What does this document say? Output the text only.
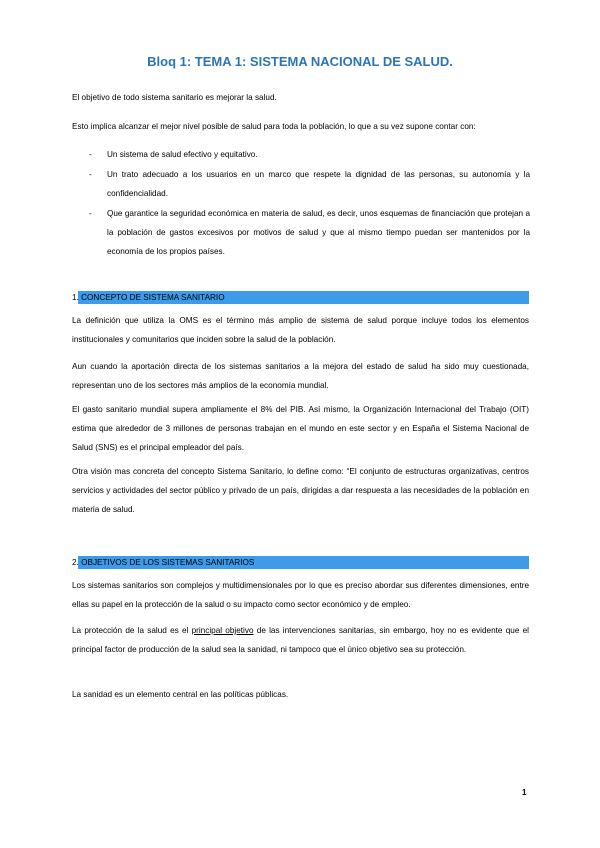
Bloq 1: TEMA 1: SISTEMA NACIONAL DE SALUD.

El objetivo de todo sistema sanitario es mejorar la salud.

Esto implica alcanzar el mejor nivel posible de salud para toda la población, lo que a su vez supone contar con:

- Un sistema de salud efectivo y equitativo.
- Un trato adecuado a los usuarios en un marco que respete la dignidad de las personas, su autonomía y la confidencialidad.
- Que garantice la seguridad económica en materia de salud, es decir, unos esquemas de financiación que protejan a la población de gastos excesivos por motivos de salud y que al mismo tiempo puedan ser mantenidos por la economía de los propios países.
1. CONCEPTO DE SISTEMA SANITARIO

La definición que utiliza la OMS es el término más amplio de sistema de salud porque incluye todos los elementos institucionales y comunitarios que inciden sobre la salud de la población.

Aun cuando la aportación directa de los sistemas sanitarios a la mejora del estado de salud ha sido muy cuestionada, representan uno de los sectores más amplios de la economía mundial.

El gasto sanitario mundial supera ampliamente el 8% del PIB. Así mismo, la Organización Internacional del Trabajo (OIT) estima que alrededor de 3 millones de personas trabajan en el mundo en este sector y en España el Sistema Nacional de Salud (SNS) es el principal empleador del país.

Otra visión mas concreta del concepto Sistema Sanitario, lo define como: “El conjunto de estructuras organizativas, centros servicios y actividades del sector público y privado de un país, dirigidas a dar respuesta a las necesidades de la población en materia de salud.

2. OBJETIVOS DE LOS SISTEMAS SANITARIOS

Los sistemas sanitarios son complejos y multidimensionales por lo que es preciso abordar sus diferentes dimensiones, entre ellas su papel en la protección de la salud o su impacto como sector económico y de empleo.

La protección de la salud es el principal objetivo de las intervenciones sanitarias, sin embargo, hoy no es evidente que el principal factor de producción de la salud sea la sanidad, ni tampoco que el único objetivo sea su protección.

La sanidad es un elemento central en las políticas públicas.

1
